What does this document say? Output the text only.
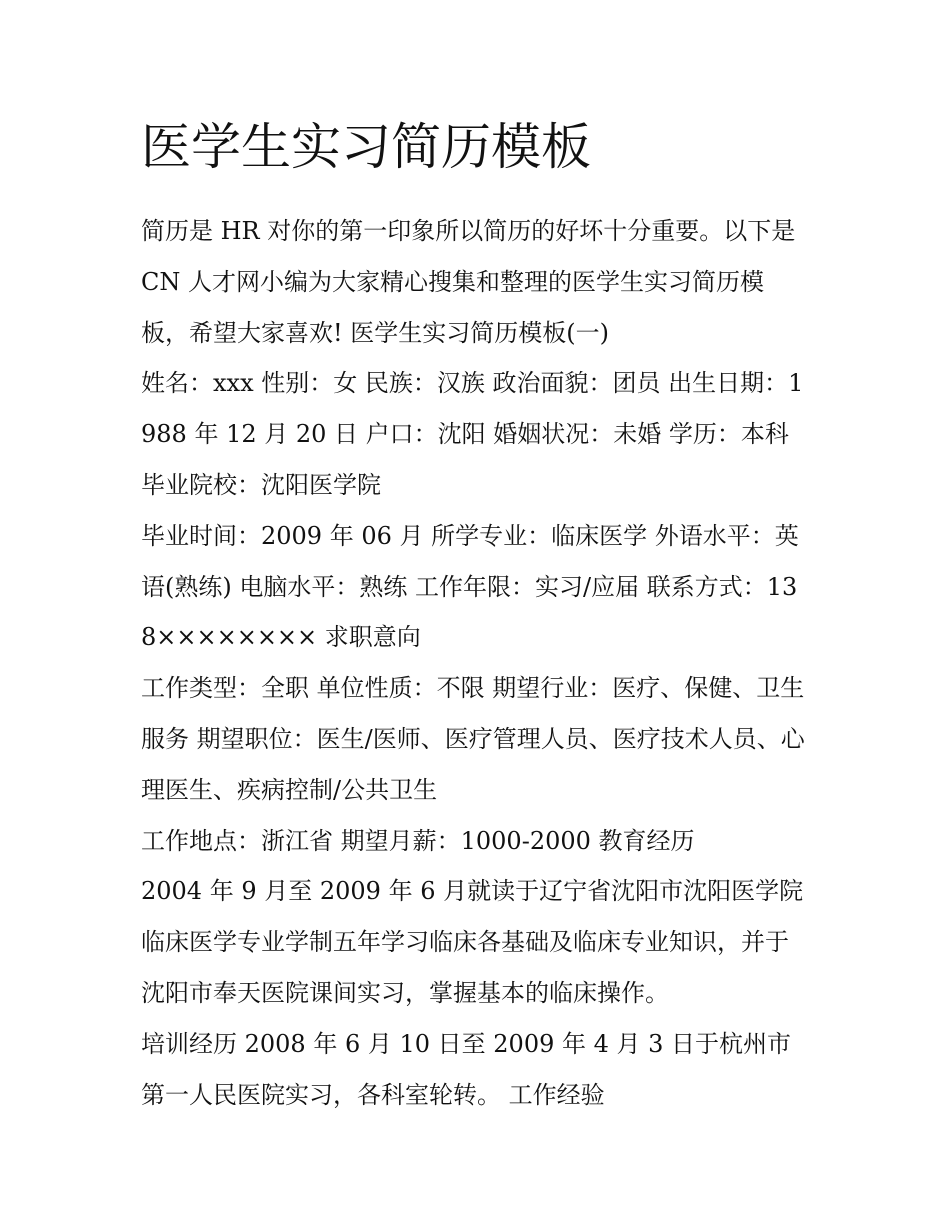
医学生实习简历模板

简历是 HR 对你的第一印象所以简历的好坏十分重要。以下是 CN 人才网小编为大家精心搜集和整理的医学生实习简历模板，希望大家喜欢! 医学生实习简历模板(一)

姓名：xxx 性别：女 民族：汉族 政治面貌：团员 出生日期：1988 年 12 月 20 日 户口：沈阳 婚姻状况：未婚 学历：本科 毕业院校：沈阳医学院

毕业时间：2009 年 06 月 所学专业：临床医学 外语水平：英语(熟练) 电脑水平：熟练 工作年限：实习/应届 联系方式：138×××××××× 求职意向

工作类型：全职 单位性质：不限 期望行业：医疗、保健、卫生服务 期望职位：医生/医师、医疗管理人员、医疗技术人员、心理医生、疾病控制/公共卫生

工作地点：浙江省 期望月薪：1000-2000 教育经历

2004 年 9 月至 2009 年 6 月就读于辽宁省沈阳市沈阳医学院临床医学专业学制五年学习临床各基础及临床专业知识，并于沈阳市奉天医院课间实习，掌握基本的临床操作。

培训经历 2008 年 6 月 10 日至 2009 年 4 月 3 日于杭州市第一人民医院实习，各科室轮转。 工作经验
